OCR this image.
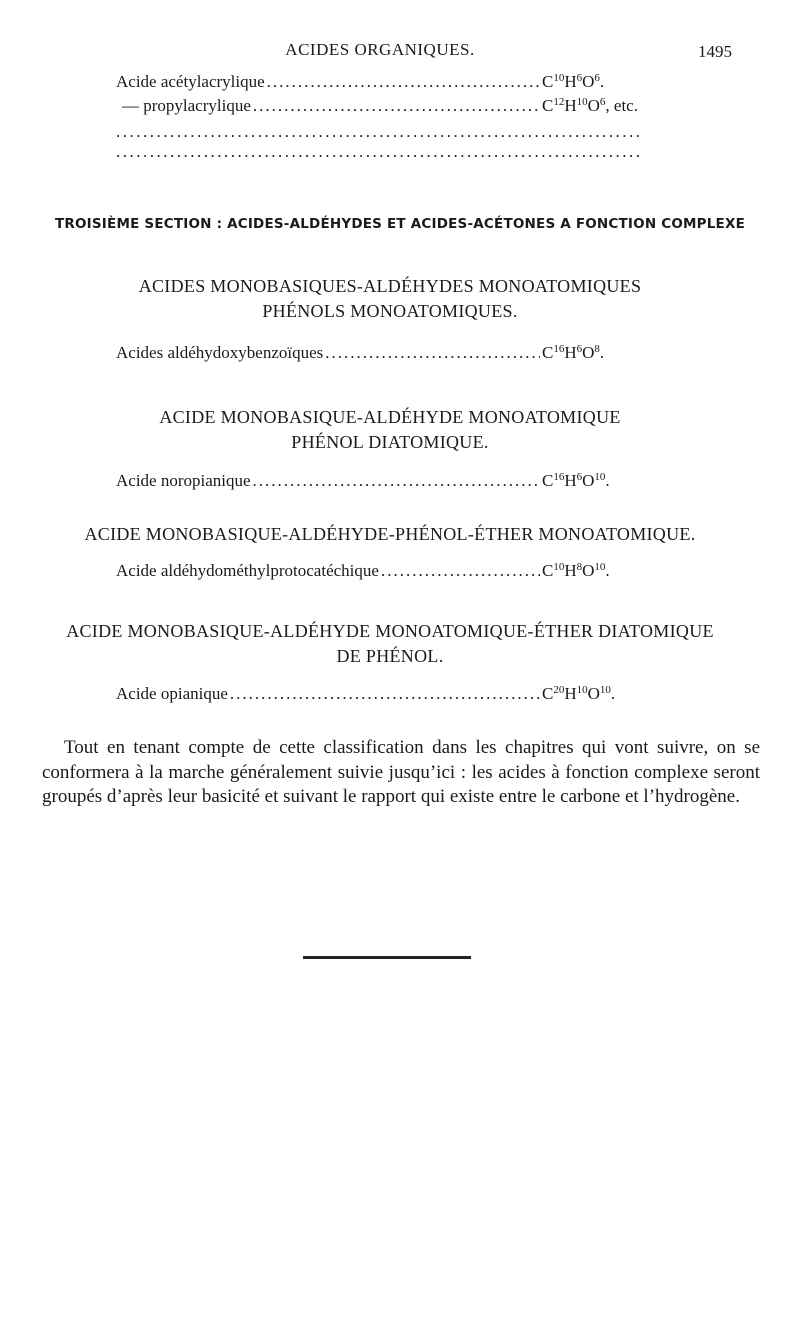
ACIDES ORGANIQUES.	1495
Acide acétylacrylique .....	$C^{10}H^6O^6$.
— propylacrylique .....	$C^{12}H^{10}O^6$, etc.
.....
.....
TROISIÈME SECTION : ACIDES-ALDÉHYDES ET ACIDES-ACÉTONES A FONCTION COMPLEXE
ACIDES MONOBASIQUES-ALDÉHYDES MONOATOMIQUES
PHÉNOLS MONOATOMIQUES.
Acides aldéhydoxybenzoïques .....	$C^{16}H^6O^8$.
ACIDE MONOBASIQUE-ALDÉHYDE MONOATOMIQUE
PHÉNOL DIATOMIQUE.
Acide noropianique .....	$C^{16}H^6O^{10}$.
ACIDE MONOBASIQUE-ALDÉHYDE-PHÉNOL-ÉTHER MONOATOMIQUE.
Acide aldéhydométhylprotocatéchique .....	$C^{10}H^8O^{10}$.
ACIDE MONOBASIQUE-ALDÉHYDE MONOATOMIQUE-ÉTHER DIATOMIQUE
DE PHÉNOL.
Acide opianique .....	$C^{20}H^{10}O^{10}$.
Tout en tenant compte de cette classification dans les chapitres qui vont suivre, on se conformera à la marche généralement suivie jusqu’ici : les acides à fonction complexe seront groupés d’après leur basicité et suivant le rapport qui existe entre le carbone et l’hydrogène.
